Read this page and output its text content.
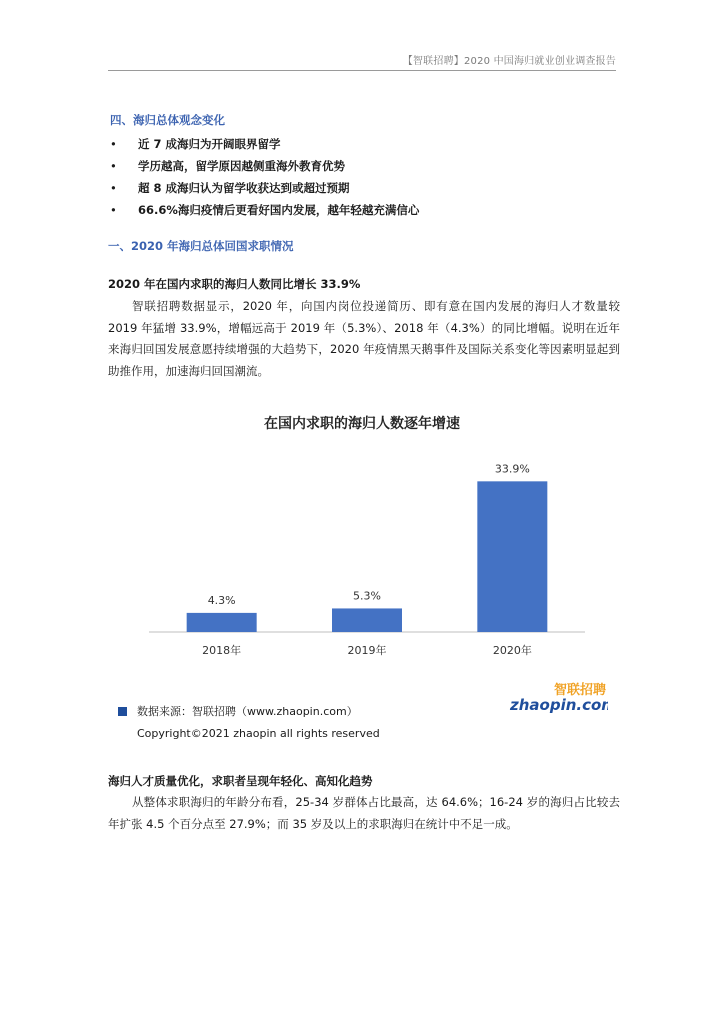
【智联招聘】2020 中国海归就业创业调查报告
四、海归总体观念变化
• 近 7 成海归为开阔眼界留学
• 学历越高，留学原因越侧重海外教育优势
• 超 8 成海归认为留学收获达到或超过预期
• 66.6%海归疫情后更看好国内发展，越年轻越充满信心
一、2020 年海归总体回国求职情况
2020 年在国内求职的海归人数同比增长 33.9%
智联招聘数据显示，2020 年，向国内岗位投递简历、即有意在国内发展的海归人才数量较 2019 年猛增 33.9%，增幅远高于 2019 年（5.3%）、2018 年（4.3%）的同比增幅。说明在近年来海归回国发展意愿持续增强的大趋势下，2020 年疫情黑天鹅事件及国际关系变化等因素明显起到助推作用，加速海归回国潮流。
在国内求职的海归人数逐年增速
4.3%
2018年
5.3%
2019年
33.9%
2020年
数据来源：智联招聘（www.zhaopin.com）
Copyright©2021 zhaopin all rights reserved
智联招聘
zhaopin.com
海归人才质量优化，求职者呈现年轻化、高知化趋势
从整体求职海归的年龄分布看，25-34 岁群体占比最高，达 64.6%；16-24 岁的海归占比较去年扩张 4.5 个百分点至 27.9%；而 35 岁及以上的求职海归在统计中不足一成。
